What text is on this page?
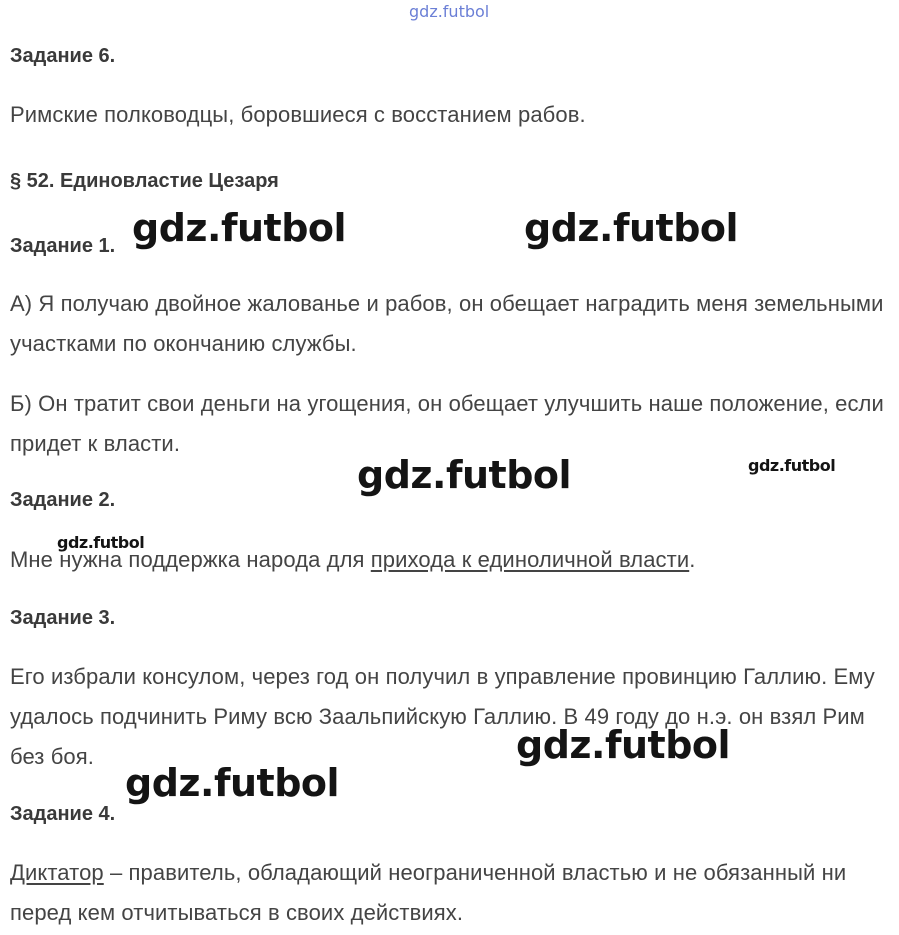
gdz.futbol

Задание 6.

Римские полководцы, боровшиеся с восстанием рабов.

§ 52. Единовластие Цезаря

Задание 1.

А) Я получаю двойное жалованье и рабов, он обещает наградить меня земельными участками по окончанию службы.

Б) Он тратит свои деньги на угощения, он обещает улучшить наше положение, если придет к власти.

Задание 2.

Мне нужна поддержка народа для прихода к единоличной власти.

Задание 3.

Его избрали консулом, через год он получил в управление провинцию Галлию. Ему удалось подчинить Риму всю Заальпийскую Галлию. В 49 году до н.э. он взял Рим без боя.

Задание 4.

Диктатор – правитель, обладающий неограниченной властью и не обязанный ни перед кем отчитываться в своих действиях.

gdz.futbol	gdz.futbol
gdz.futbol	gdz.futbol
gdz.futbol
gdz.futbol
gdz.futbol
